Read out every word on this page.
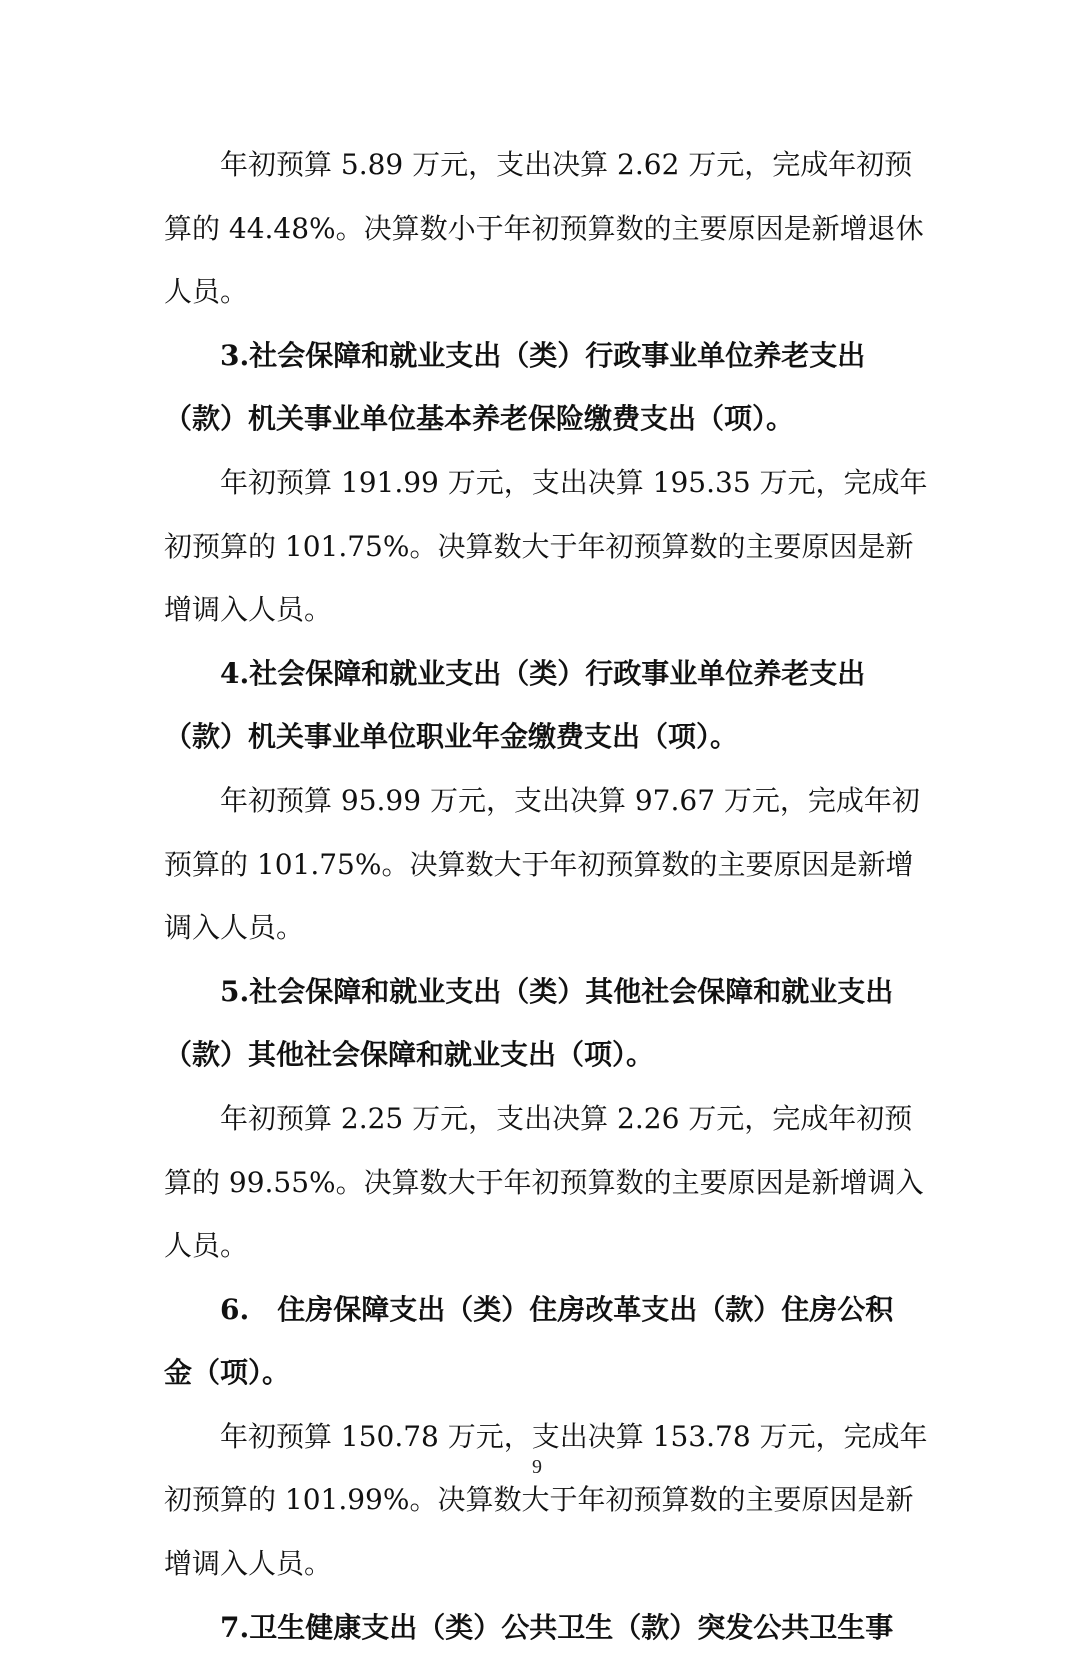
年初预算 5.89 万元，支出决算 2.62 万元，完成年初预
算的 44.48%。决算数小于年初预算数的主要原因是新增退休
人员。
3.社会保障和就业支出（类）行政事业单位养老支出
（款）机关事业单位基本养老保险缴费支出（项）。
年初预算 191.99 万元，支出决算 195.35 万元，完成年
初预算的 101.75%。决算数大于年初预算数的主要原因是新
增调入人员。
4.社会保障和就业支出（类）行政事业单位养老支出
（款）机关事业单位职业年金缴费支出（项）。
年初预算 95.99 万元，支出决算 97.67 万元，完成年初
预算的 101.75%。决算数大于年初预算数的主要原因是新增
调入人员。
5.社会保障和就业支出（类）其他社会保障和就业支出
（款）其他社会保障和就业支出（项）。
年初预算 2.25 万元，支出决算 2.26 万元，完成年初预
算的 99.55%。决算数大于年初预算数的主要原因是新增调入
人员。
6.　住房保障支出（类）住房改革支出（款）住房公积
金（项）。
年初预算 150.78 万元，支出决算 153.78 万元，完成年
初预算的 101.99%。决算数大于年初预算数的主要原因是新
增调入人员。
7.卫生健康支出（类）公共卫生（款）突发公共卫生事
9
